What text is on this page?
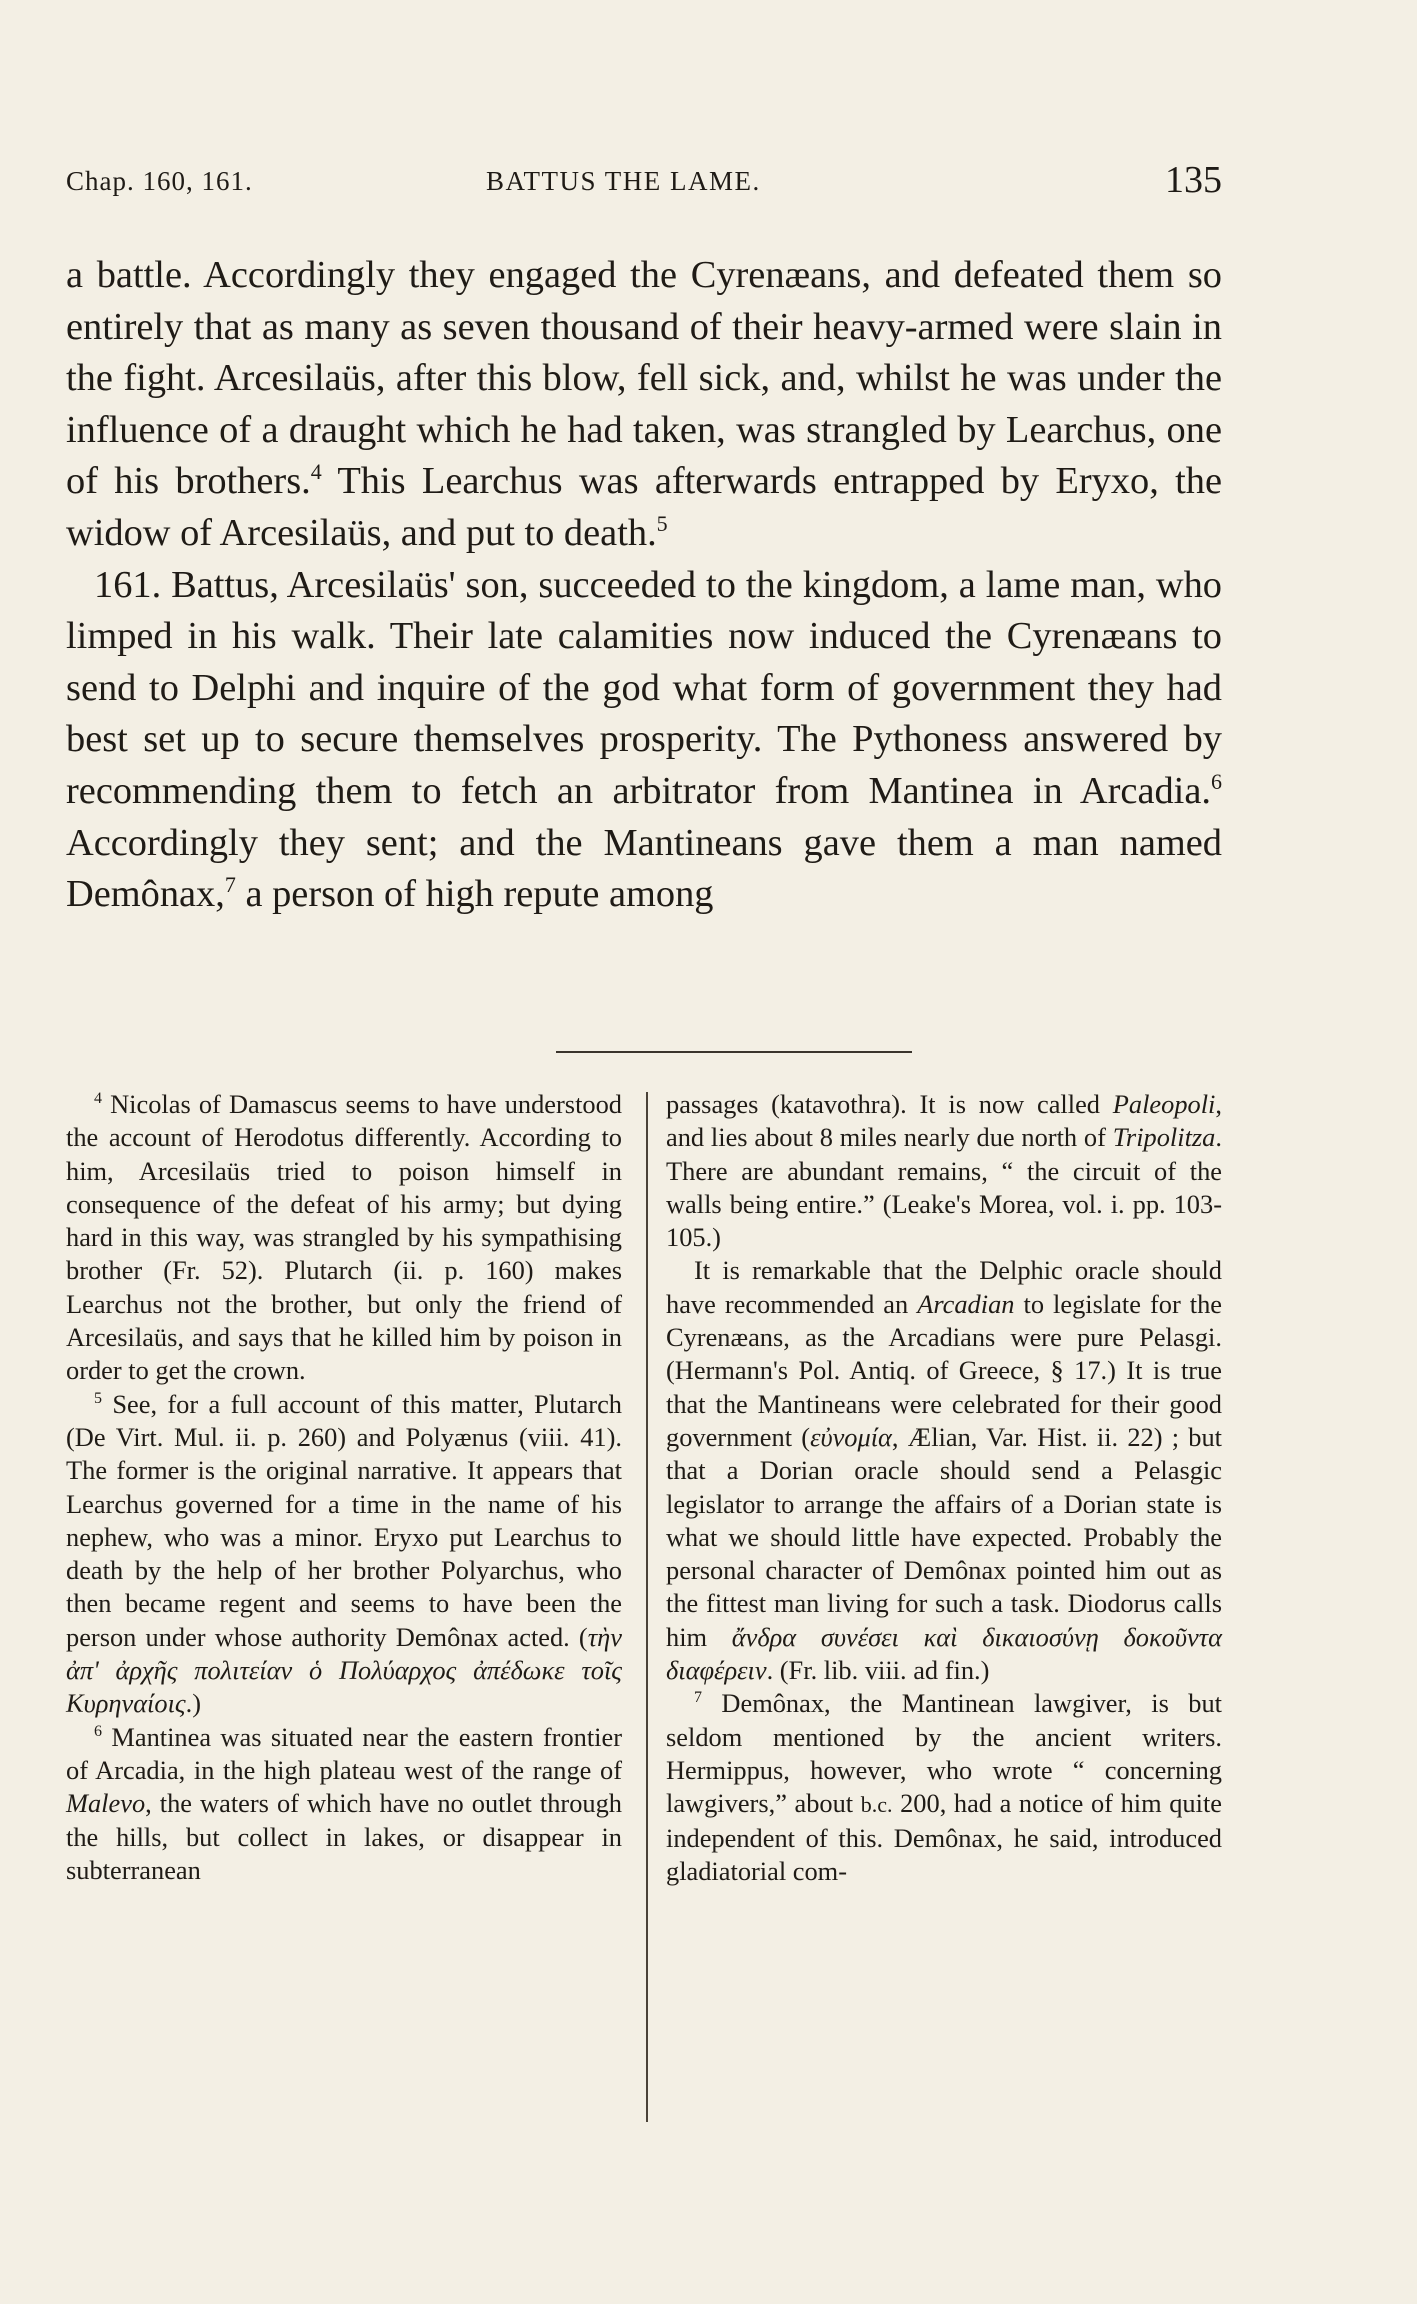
Chap. 160, 161.	BATTUS THE LAME.	135

a battle. Accordingly they engaged the Cyrenæans, and defeated them so entirely that as many as seven thousand of their heavy-armed were slain in the fight. Arcesilaüs, after this blow, fell sick, and, whilst he was under the influence of a draught which he had taken, was strangled by Learchus, one of his brothers.$^4$ This Learchus was afterwards entrapped by Eryxo, the widow of Arcesilaüs, and put to death.$^5$

161. Battus, Arcesilaüs' son, succeeded to the kingdom, a lame man, who limped in his walk. Their late calamities now induced the Cyrenæans to send to Delphi and inquire of the god what form of government they had best set up to secure themselves prosperity. The Pythoness answered by recommending them to fetch an arbitrator from Mantinea in Arcadia.$^6$ Accordingly they sent; and the Mantineans gave them a man named Demônax,$^7$ a person of high repute among

$^4$ Nicolas of Damascus seems to have understood the account of Herodotus differently. According to him, Arcesilaüs tried to poison himself in consequence of the defeat of his army; but dying hard in this way, was strangled by his sympathising brother (Fr. 52). Plutarch (ii. p. 160) makes Learchus not the brother, but only the friend of Arcesilaüs, and says that he killed him by poison in order to get the crown.

$^5$ See, for a full account of this matter, Plutarch (De Virt. Mul. ii. p. 260) and Polyænus (viii. 41). The former is the original narrative. It appears that Learchus governed for a time in the name of his nephew, who was a minor. Eryxo put Learchus to death by the help of her brother Polyarchus, who then became regent and seems to have been the person under whose authority Demônax acted. (τὴν ἀπ' ἀρχῆς πολιτείαν ὁ Πολύαρχος ἀπέδωκε τοῖς Κυρηναίοις.)

$^6$ Mantinea was situated near the eastern frontier of Arcadia, in the high plateau west of the range of Malevo, the waters of which have no outlet through the hills, but collect in lakes, or disappear in subterranean

passages (katavothra). It is now called Paleopoli, and lies about 8 miles nearly due north of Tripolitza. There are abundant remains, “ the circuit of the walls being entire.” (Leake's Morea, vol. i. pp. 103-105.)

It is remarkable that the Delphic oracle should have recommended an Arcadian to legislate for the Cyrenæans, as the Arcadians were pure Pelasgi. (Hermann's Pol. Antiq. of Greece, § 17.) It is true that the Mantineans were celebrated for their good government (εὐνομία, Ælian, Var. Hist. ii. 22) ; but that a Dorian oracle should send a Pelasgic legislator to arrange the affairs of a Dorian state is what we should little have expected. Probably the personal character of Demônax pointed him out as the fittest man living for such a task. Diodorus calls him ἄνδρα συνέσει καὶ δικαιοσύνῃ δοκοῦντα διαφέρειν. (Fr. lib. viii. ad fin.)

$^7$ Demônax, the Mantinean lawgiver, is but seldom mentioned by the ancient writers. Hermippus, however, who wrote “ concerning lawgivers,” about b.c. 200, had a notice of him quite independent of this. Demônax, he said, introduced gladiatorial com-
